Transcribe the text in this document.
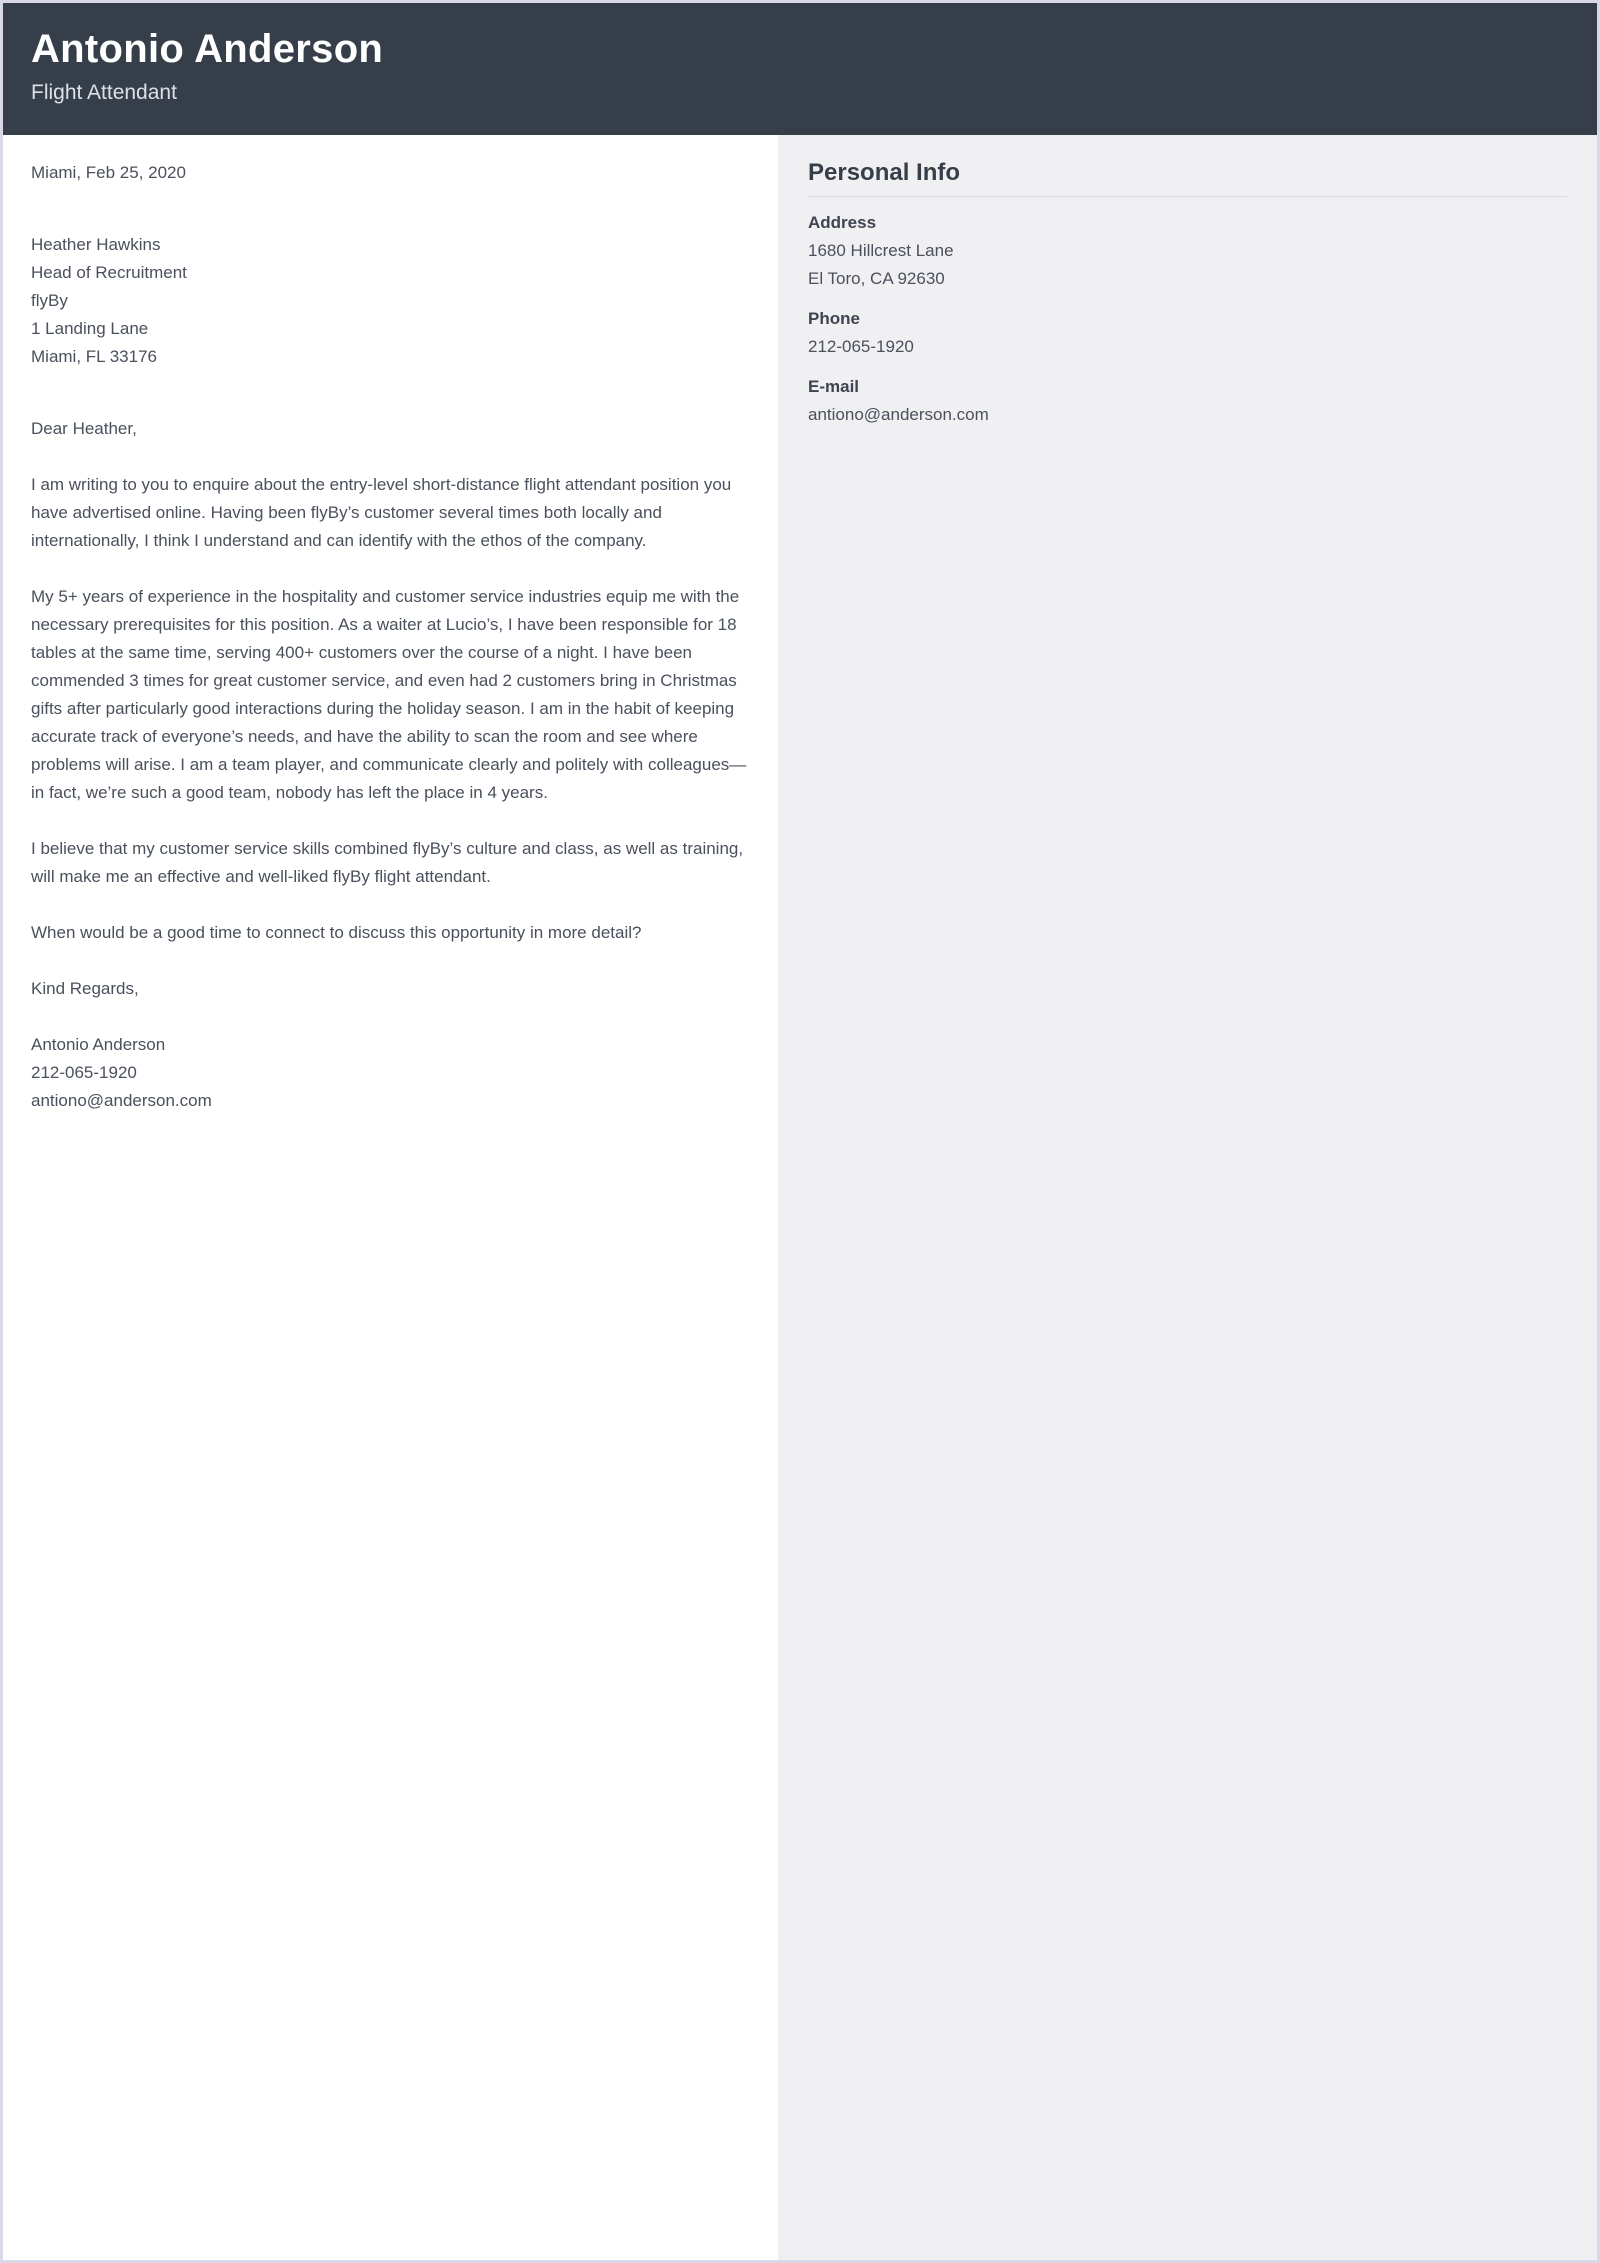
Antonio Anderson
Flight Attendant

Miami, Feb 25, 2020

Heather Hawkins
Head of Recruitment
flyBy
1 Landing Lane
Miami, FL 33176

Dear Heather,

I am writing to you to enquire about the entry-level short-distance flight attendant position you have advertised online. Having been flyBy’s customer several times both locally and internationally, I think I understand and can identify with the ethos of the company.

My 5+ years of experience in the hospitality and customer service industries equip me with the necessary prerequisites for this position. As a waiter at Lucio’s, I have been responsible for 18 tables at the same time, serving 400+ customers over the course of a night. I have been commended 3 times for great customer service, and even had 2 customers bring in Christmas gifts after particularly good interactions during the holiday season. I am in the habit of keeping accurate track of everyone’s needs, and have the ability to scan the room and see where problems will arise. I am a team player, and communicate clearly and politely with colleagues—in fact, we’re such a good team, nobody has left the place in 4 years.

I believe that my customer service skills combined flyBy’s culture and class, as well as training, will make me an effective and well-liked flyBy flight attendant.

When would be a good time to connect to discuss this opportunity in more detail?

Kind Regards,

Antonio Anderson
212-065-1920
antiono@anderson.com
Personal Info
Address
1680 Hillcrest Lane
El Toro, CA 92630
Phone
212-065-1920
E-mail
antiono@anderson.com
